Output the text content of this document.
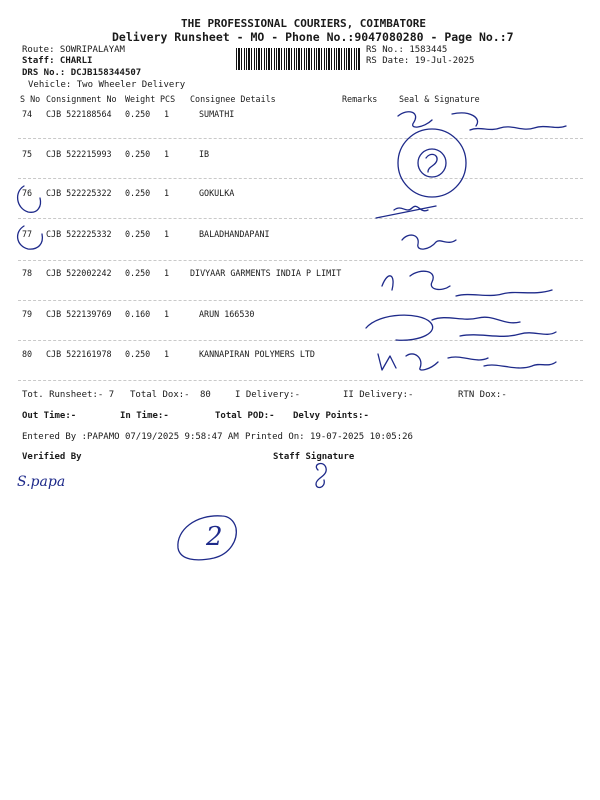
THE PROFESSIONAL COURIERS, COIMBATORE
Delivery Runsheet - MO - Phone No.:9047080280 - Page No.:7
Route: SOWRIPALAYAM
Staff: CHARLI
DRS No.: DCJB158344507
Vehicle: Two Wheeler Delivery
RS No.: 1583445
RS Date: 19-Jul-2025
S No Consignment No Weight PCS Consignee Details	Remarks	Seal & Signature
74 CJB 522188564 0.250 1	SUMATHI
75 CJB 522215993 0.250 1	IB
76 CJB 522225322 0.250 1	GOKULKA
77 CJB 522225332 0.250 1	BALADHANDAPANI
78 CJB 522002242 0.250 1 DIVYAAR GARMENTS INDIA P LIMIT
79 CJB 522139769 0.160 1	ARUN 166530
80 CJB 522161978 0.250 1	KANNAPIRAN POLYMERS LTD
Tot. Runsheet:- 7 Total Dox:- 80	I Delivery:-	II Delivery:-	RTN Dox:-
Out Time:-	In Time:-	Total POD:- Delvy Points:-
Entered By :PAPAMO 07/19/2025 9:58:47 AM Printed On: 19-07-2025 10:05:26
Verified By	Staff Signature
S.papa
2
